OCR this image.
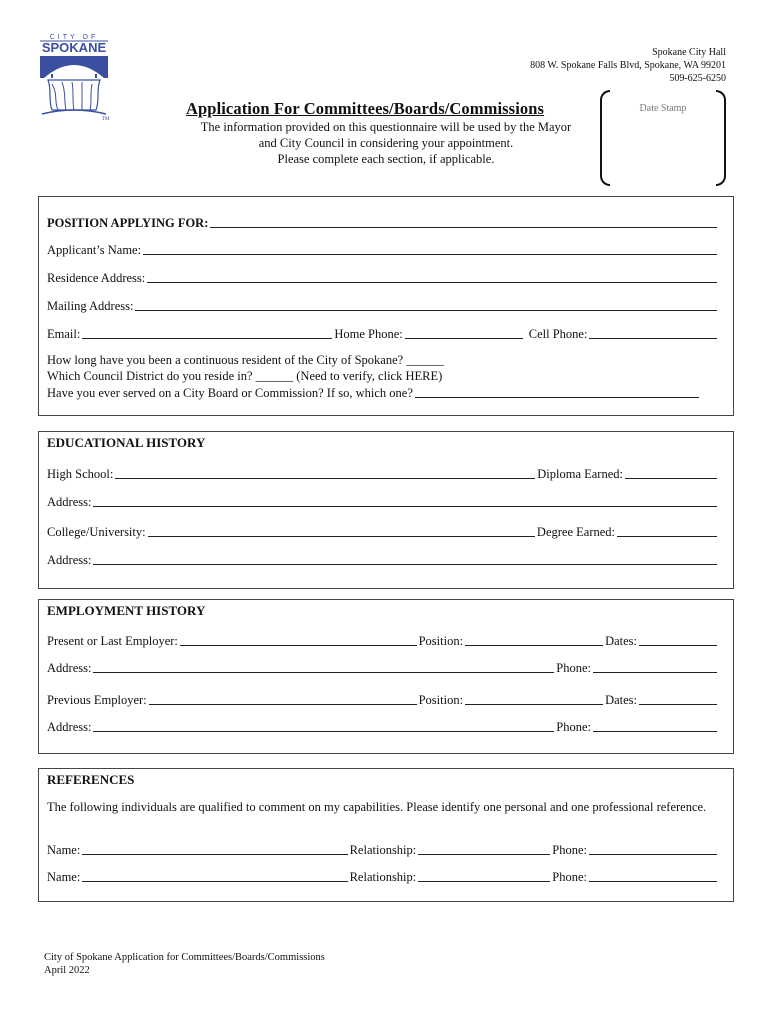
CITY OF
SPOKANE
TM
Spokane City Hall
808 W. Spokane Falls Blvd, Spokane, WA 99201
509-625-6250
Application For Committees/Boards/Commissions
The information provided on this questionnaire will be used by the Mayor
and City Council in considering your appointment.
Please complete each section, if applicable.
Date Stamp
POSITION APPLYING FOR:
Applicant’s Name:
Residence Address:
Mailing Address:
Email:	Home Phone:	Cell Phone:
How long have you been a continuous resident of the City of Spokane? ______
Which Council District do you reside in? ______ (Need to verify, click HERE)
Have you ever served on a City Board or Commission? If so, which one?
EDUCATIONAL HISTORY
High School:	Diploma Earned:
Address:
College/University:	Degree Earned:
Address:
EMPLOYMENT HISTORY
Present or Last Employer:	Position:	Dates:
Address:	Phone:
Previous Employer:	Position:	Dates:
Address:	Phone:
REFERENCES
The following individuals are qualified to comment on my capabilities. Please identify one personal and one professional reference.
Name:	Relationship:	Phone:
Name:	Relationship:	Phone:
City of Spokane Application for Committees/Boards/Commissions
April 2022
